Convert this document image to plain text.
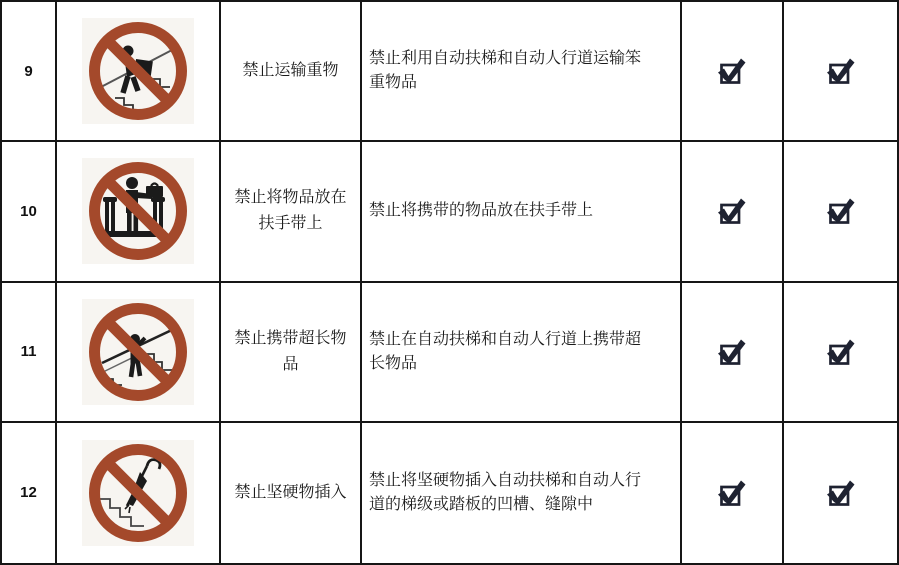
9	禁止运输重物
禁止利用自动扶梯和自动人行道运输笨重物品
10
禁止将物品放在扶手带上
禁止将携带的物品放在扶手带上
11
禁止携带超长物品
禁止在自动扶梯和自动人行道上携带超长物品
12	禁止坚硬物插入
禁止将坚硬物插入自动扶梯和自动人行道的梯级或踏板的凹槽、缝隙中
